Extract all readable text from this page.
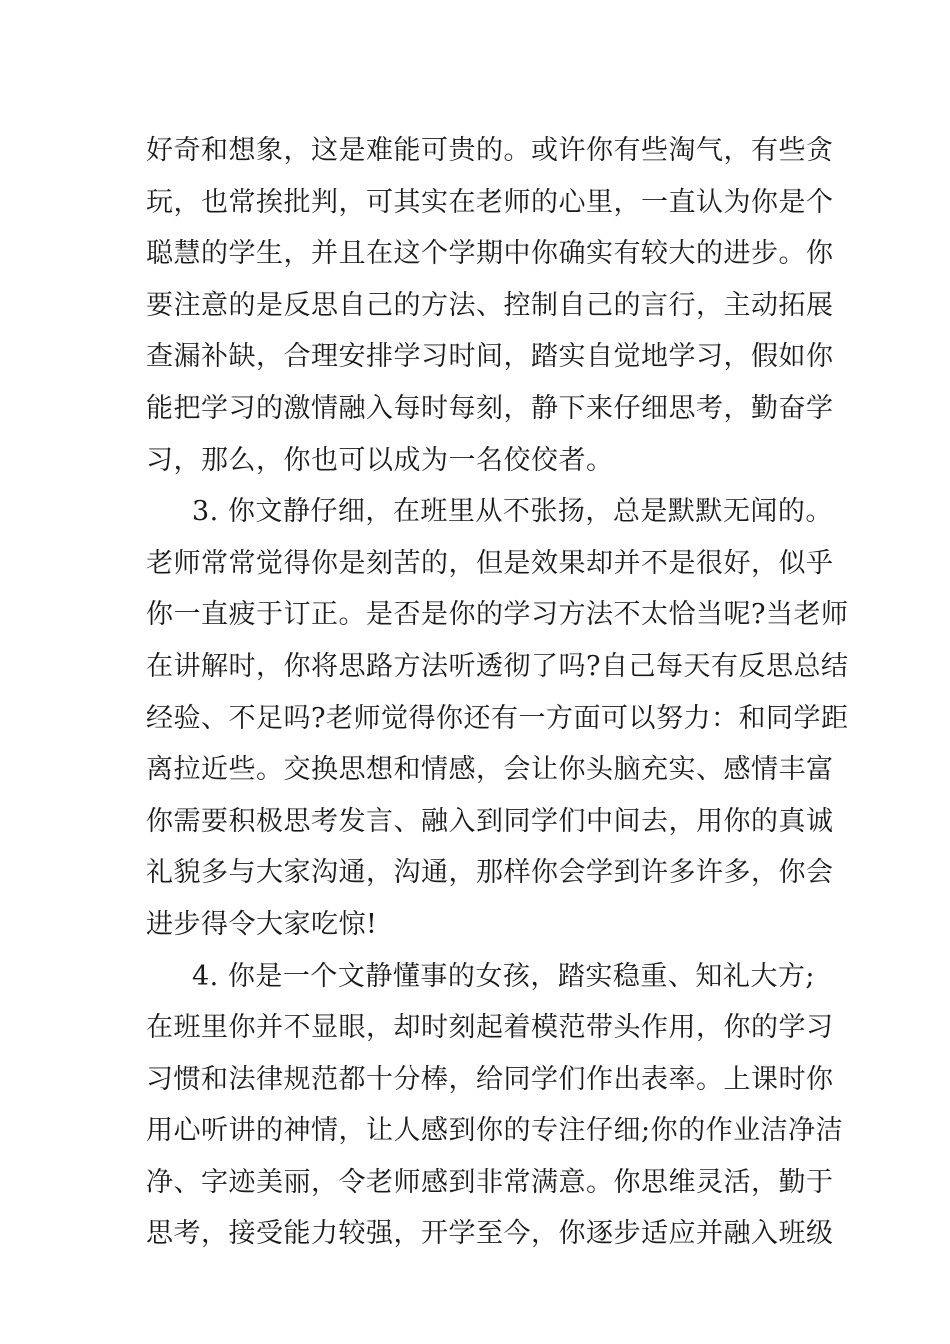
好奇和想象，这是难能可贵的。或许你有些淘气，有些贪
玩，也常挨批判，可其实在老师的心里，一直认为你是个
聪慧的学生，并且在这个学期中你确实有较大的进步。你
要注意的是反思自己的方法、控制自己的言行，主动拓展
查漏补缺，合理安排学习时间，踏实自觉地学习，假如你
能把学习的激情融入每时每刻，静下来仔细思考，勤奋学
习，那么，你也可以成为一名佼佼者。
3. 你文静仔细，在班里从不张扬，总是默默无闻的。
老师常常觉得你是刻苦的，但是效果却并不是很好，似乎
你一直疲于订正。是否是你的学习方法不太恰当呢?当老师
在讲解时，你将思路方法听透彻了吗?自己每天有反思总结
经验、不足吗?老师觉得你还有一方面可以努力：和同学距
离拉近些。交换思想和情感，会让你头脑充实、感情丰富
你需要积极思考发言、融入到同学们中间去，用你的真诚
礼貌多与大家沟通，沟通，那样你会学到许多许多，你会
进步得令大家吃惊!
4. 你是一个文静懂事的女孩，踏实稳重、知礼大方;
在班里你并不显眼，却时刻起着模范带头作用，你的学习
习惯和法律规范都十分棒，给同学们作出表率。上课时你
用心听讲的神情，让人感到你的专注仔细;你的作业洁净洁
净、字迹美丽，令老师感到非常满意。你思维灵活，勤于
思考，接受能力较强，开学至今，你逐步适应并融入班级
